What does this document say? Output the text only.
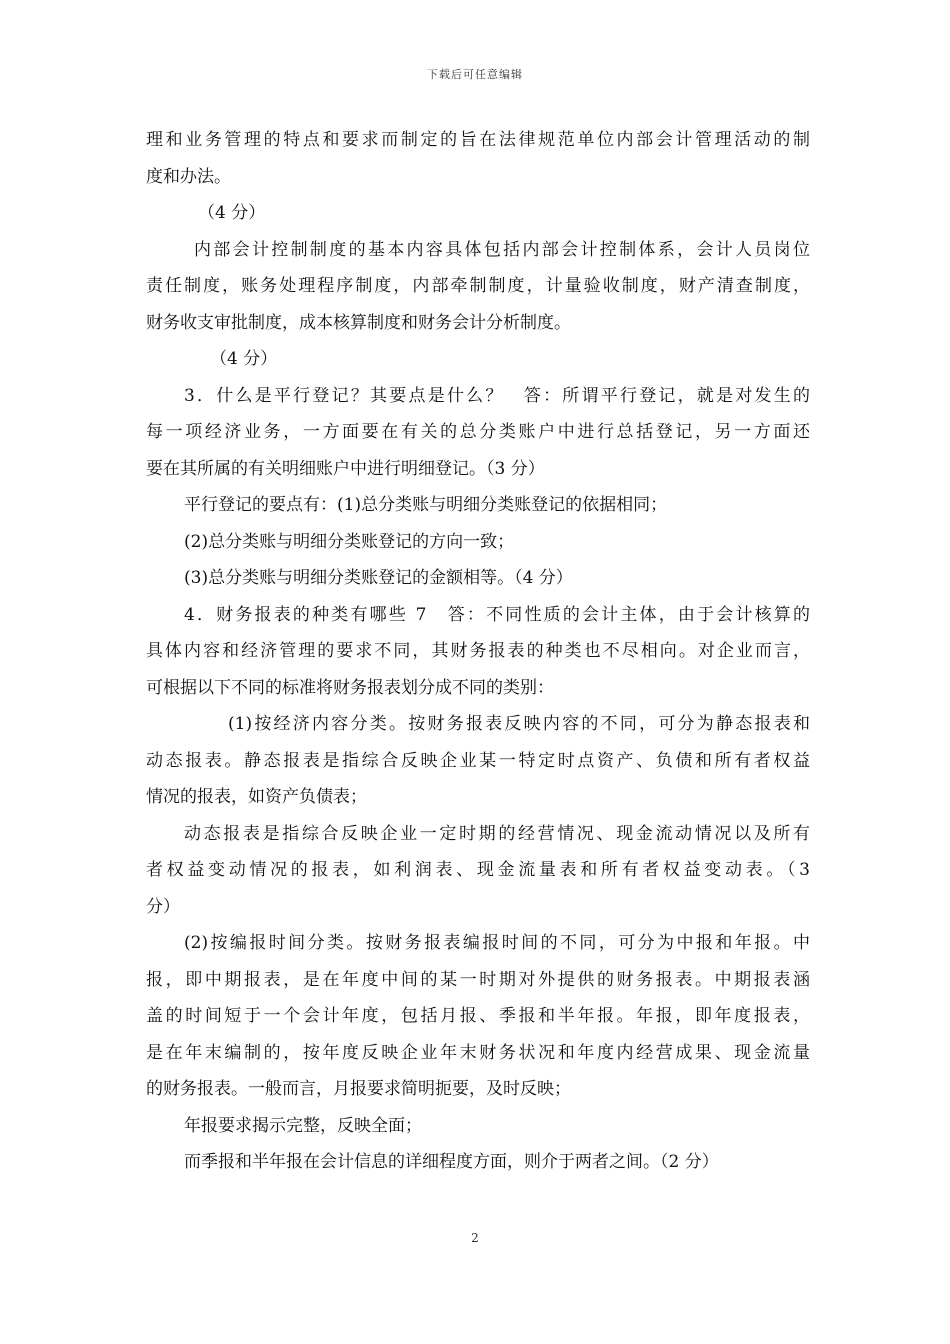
下载后可任意编辑
理和业务管理的特点和要求而制定的旨在法律规范单位内部会计管理活动的制
度和办法。
（4 分）
内部会计控制制度的基本内容具体包括内部会计控制体系，会计人员岗位
责任制度，账务处理程序制度，内部牵制制度，计量验收制度，财产清查制度，
财务收支审批制度，成本核算制度和财务会计分析制度。
（4 分）
3．什么是平行登记？其要点是什么？　答：所谓平行登记，就是对发生的
每一项经济业务，一方面要在有关的总分类账户中进行总括登记，另一方面还
要在其所属的有关明细账户中进行明细登记。（3 分）
平行登记的要点有：(1)总分类账与明细分类账登记的依据相同；
(2)总分类账与明细分类账登记的方向一致；
(3)总分类账与明细分类账登记的金额相等。（4 分）
4．财务报表的种类有哪些 7　答：不同性质的会计主体，由于会计核算的
具体内容和经济管理的要求不同，其财务报表的种类也不尽相向。对企业而言，
可根据以下不同的标准将财务报表划分成不同的类别：
(1)按经济内容分类。按财务报表反映内容的不同，可分为静态报表和
动态报表。静态报表是指综合反映企业某一特定时点资产、负债和所有者权益
情况的报表，如资产负债表；
动态报表是指综合反映企业一定时期的经营情况、现金流动情况以及所有
者权益变动情况的报表，如利润表、现金流量表和所有者权益变动表。（3
分）
(2)按编报时间分类。按财务报表编报时间的不同，可分为中报和年报。中
报，即中期报表，是在年度中间的某一时期对外提供的财务报表。中期报表涵
盖的时间短于一个会计年度，包括月报、季报和半年报。年报，即年度报表，
是在年末编制的，按年度反映企业年末财务状况和年度内经营成果、现金流量
的财务报表。一般而言，月报要求简明扼要，及时反映；
年报要求揭示完整，反映全面；
而季报和半年报在会计信息的详细程度方面，则介于两者之间。（2 分）
2
